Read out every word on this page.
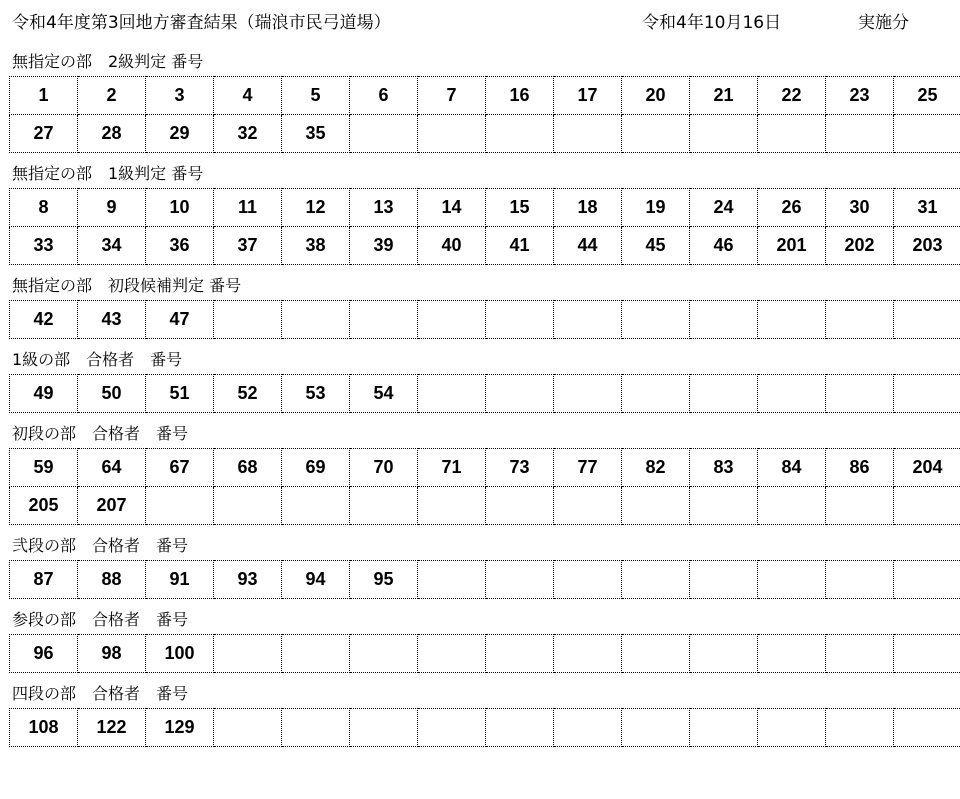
令和4年度第3回地方審査結果（瑞浪市民弓道場）	令和4年10月16日	実施分
無指定の部　2級判定 番号
1	2	3	4	5	6	7	16	17	20	21	22	23	25
27	28	29	32	35									
無指定の部　1級判定 番号
8	9	10	11	12	13	14	15	18	19	24	26	30	31
33	34	36	37	38	39	40	41	44	45	46	201	202	203
無指定の部　初段候補判定 番号
42	43	47											
1級の部　合格者　番号
49	50	51	52	53	54								
初段の部　合格者　番号
59	64	67	68	69	70	71	73	77	82	83	84	86	204
205	207												
弐段の部　合格者　番号
87	88	91	93	94	95								
参段の部　合格者　番号
96	98	100											
四段の部　合格者　番号
108	122	129											
